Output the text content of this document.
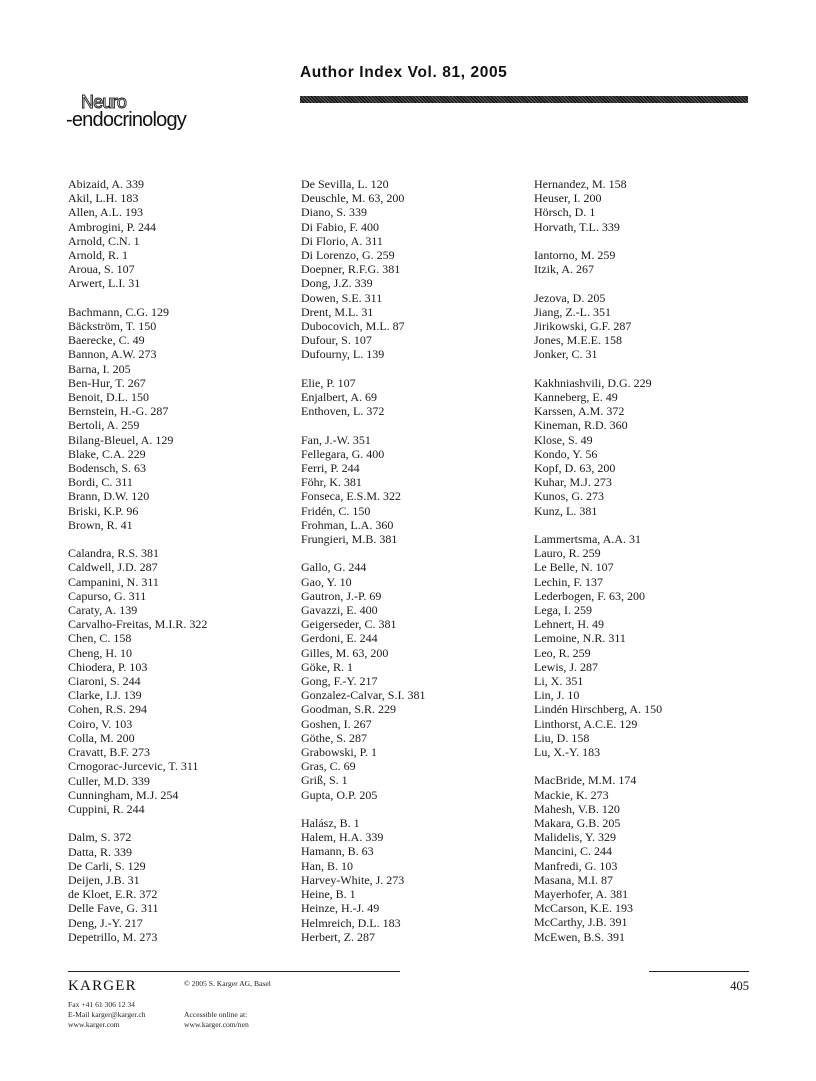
Author Index Vol. 81, 2005
Neuro
-endocrinology
Abizaid, A. 339
Akil, L.H. 183
Allen, A.L. 193
Ambrogini, P. 244
Arnold, C.N. 1
Arnold, R. 1
Aroua, S. 107
Arwert, L.I. 31
Bachmann, C.G. 129
Bäckström, T. 150
Baerecke, C. 49
Bannon, A.W. 273
Barna, I. 205
Ben-Hur, T. 267
Benoit, D.L. 150
Bernstein, H.-G. 287
Bertoli, A. 259
Bilang-Bleuel, A. 129
Blake, C.A. 229
Bodensch, S. 63
Bordi, C. 311
Brann, D.W. 120
Briski, K.P. 96
Brown, R. 41
Calandra, R.S. 381
Caldwell, J.D. 287
Campanini, N. 311
Capurso, G. 311
Caraty, A. 139
Carvalho-Freitas, M.I.R. 322
Chen, C. 158
Cheng, H. 10
Chiodera, P. 103
Ciaroni, S. 244
Clarke, I.J. 139
Cohen, R.S. 294
Coiro, V. 103
Colla, M. 200
Cravatt, B.F. 273
Crnogorac-Jurcevic, T. 311
Culler, M.D. 339
Cunningham, M.J. 254
Cuppini, R. 244
Dalm, S. 372
Datta, R. 339
De Carli, S. 129
Deijen, J.B. 31
de Kloet, E.R. 372
Delle Fave, G. 311
Deng, J.-Y. 217
Depetrillo, M. 273
De Sevilla, L. 120
Deuschle, M. 63, 200
Diano, S. 339
Di Fabio, F. 400
Di Florio, A. 311
Di Lorenzo, G. 259
Doepner, R.F.G. 381
Dong, J.Z. 339
Dowen, S.E. 311
Drent, M.L. 31
Dubocovich, M.L. 87
Dufour, S. 107
Dufourny, L. 139
Elie, P. 107
Enjalbert, A. 69
Enthoven, L. 372
Fan, J.-W. 351
Fellegara, G. 400
Ferri, P. 244
Föhr, K. 381
Fonseca, E.S.M. 322
Fridén, C. 150
Frohman, L.A. 360
Frungieri, M.B. 381
Gallo, G. 244
Gao, Y. 10
Gautron, J.-P. 69
Gavazzi, E. 400
Geigerseder, C. 381
Gerdoni, E. 244
Gilles, M. 63, 200
Göke, R. 1
Gong, F.-Y. 217
Gonzalez-Calvar, S.I. 381
Goodman, S.R. 229
Goshen, I. 267
Göthe, S. 287
Grabowski, P. 1
Gras, C. 69
Griß, S. 1
Gupta, O.P. 205
Halász, B. 1
Halem, H.A. 339
Hamann, B. 63
Han, B. 10
Harvey-White, J. 273
Heine, B. 1
Heinze, H.-J. 49
Helmreich, D.L. 183
Herbert, Z. 287
Hernandez, M. 158
Heuser, I. 200
Hörsch, D. 1
Horvath, T.L. 339
Iantorno, M. 259
Itzik, A. 267
Jezova, D. 205
Jiang, Z.-L. 351
Jirikowski, G.F. 287
Jones, M.E.E. 158
Jonker, C. 31
Kakhniashvili, D.G. 229
Kanneberg, E. 49
Karssen, A.M. 372
Kineman, R.D. 360
Klose, S. 49
Kondo, Y. 56
Kopf, D. 63, 200
Kuhar, M.J. 273
Kunos, G. 273
Kunz, L. 381
Lammertsma, A.A. 31
Lauro, R. 259
Le Belle, N. 107
Lechin, F. 137
Lederbogen, F. 63, 200
Lega, I. 259
Lehnert, H. 49
Lemoine, N.R. 311
Leo, R. 259
Lewis, J. 287
Li, X. 351
Lin, J. 10
Lindén Hirschberg, A. 150
Linthorst, A.C.E. 129
Liu, D. 158
Lu, X.-Y. 183
MacBride, M.M. 174
Mackie, K. 273
Mahesh, V.B. 120
Makara, G.B. 205
Malidelis, Y. 329
Mancini, C. 244
Manfredi, G. 103
Masana, M.I. 87
Mayerhofer, A. 381
McCarson, K.E. 193
McCarthy, J.B. 391
McEwen, B.S. 391
KARGER	© 2005 S. Karger AG, Basel
Fax +41 61 306 12 34
E-Mail karger@karger.ch
www.karger.com
Accessible online at:
www.karger.com/nen
405
